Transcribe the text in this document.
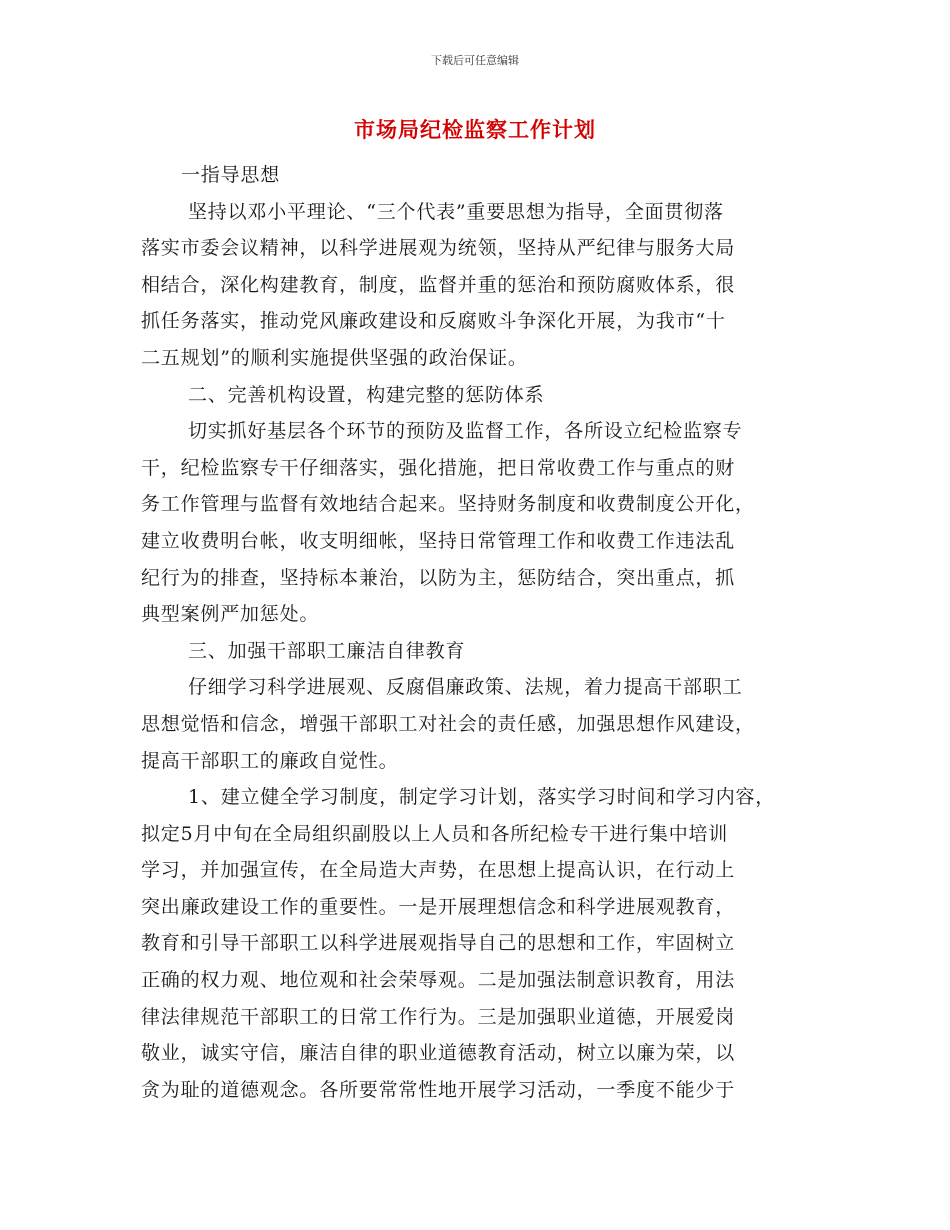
下载后可任意编辑
市场局纪检监察工作计划
一指导思想
坚持以邓小平理论、“三个代表”重要思想为指导，全面贯彻落
落实市委会议精神，以科学进展观为统领，坚持从严纪律与服务大局
相结合，深化构建教育，制度，监督并重的惩治和预防腐败体系，很
抓任务落实，推动党风廉政建设和反腐败斗争深化开展，为我市“十
二五规划”的顺利实施提供坚强的政治保证。
二、完善机构设置，构建完整的惩防体系
切实抓好基层各个环节的预防及监督工作，各所设立纪检监察专
干，纪检监察专干仔细落实，强化措施，把日常收费工作与重点的财
务工作管理与监督有效地结合起来。坚持财务制度和收费制度公开化，
建立收费明台帐，收支明细帐，坚持日常管理工作和收费工作违法乱
纪行为的排查，坚持标本兼治，以防为主，惩防结合，突出重点，抓
典型案例严加惩处。
三、加强干部职工廉洁自律教育
仔细学习科学进展观、反腐倡廉政策、法规，着力提高干部职工
思想觉悟和信念，增强干部职工对社会的责任感，加强思想作风建设，
提高干部职工的廉政自觉性。
1、建立健全学习制度，制定学习计划，落实学习时间和学习内容，
拟定5月中旬在全局组织副股以上人员和各所纪检专干进行集中培训
学习，并加强宣传，在全局造大声势，在思想上提高认识，在行动上
突出廉政建设工作的重要性。一是开展理想信念和科学进展观教育，
教育和引导干部职工以科学进展观指导自己的思想和工作，牢固树立
正确的权力观、地位观和社会荣辱观。二是加强法制意识教育，用法
律法律规范干部职工的日常工作行为。三是加强职业道德，开展爱岗
敬业，诚实守信，廉洁自律的职业道德教育活动，树立以廉为荣，以
贪为耻的道德观念。各所要常常性地开展学习活动，一季度不能少于
